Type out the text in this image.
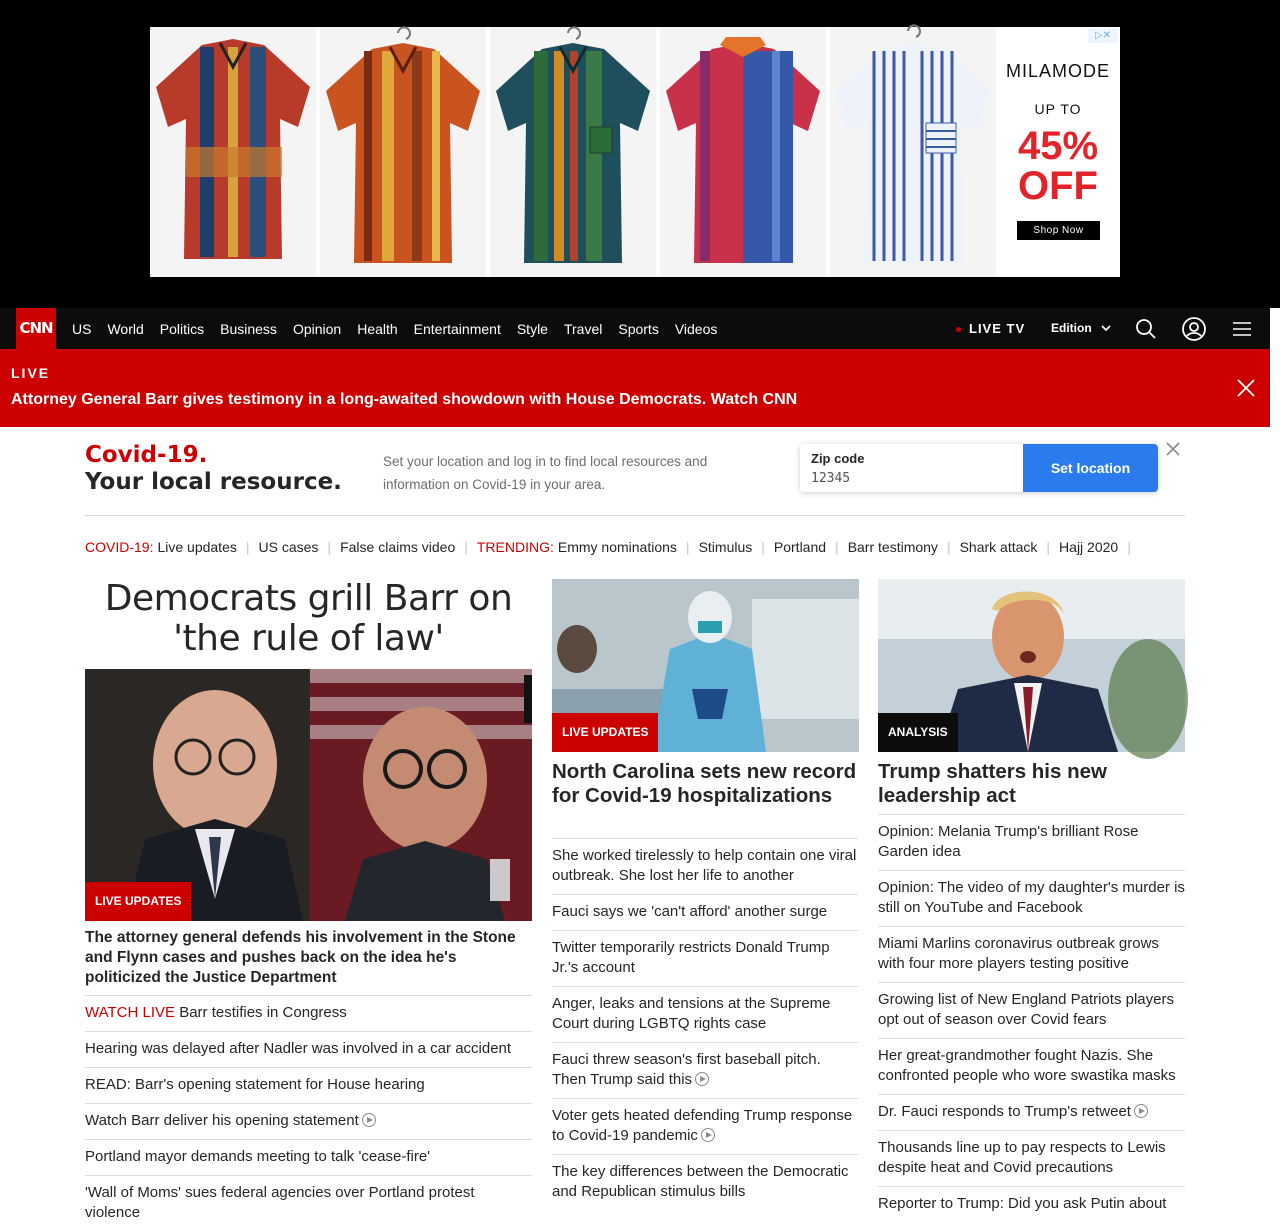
▷✕
MILAMODE
UP TO
45%
OFF
Shop Now
CNN	US	World	Politics	Business	Opinion	Health	Entertainment	Style	Travel	Sports	Videos	LIVE TV Edition
LIVE
Attorney General Barr gives testimony in a long-awaited showdown with House Democrats. Watch CNN
Covid-19.
Your local resource.
Set your location and log in to find local resources and information on Covid-19 in your area.
Zip code
12345
Set location
COVID-19: Live updates | US cases | False claims video | TRENDING: Emmy nominations | Stimulus | Portland | Barr testimony | Shark attack | Hajj 2020 |
Democrats grill Barr on 'the rule of law'
LIVE UPDATES
The attorney general defends his involvement in the Stone and Flynn cases and pushes back on the idea he's politicized the Justice Department
WATCH LIVE Barr testifies in Congress
Hearing was delayed after Nadler was involved in a car accident
READ: Barr's opening statement for House hearing
Watch Barr deliver his opening statement
Portland mayor demands meeting to talk 'cease-fire'
'Wall of Moms' sues federal agencies over Portland protest violence
LIVE UPDATES
North Carolina sets new record for Covid-19 hospitalizations
She worked tirelessly to help contain one viral outbreak. She lost her life to another
Fauci says we 'can't afford' another surge
Twitter temporarily restricts Donald Trump Jr.'s account
Anger, leaks and tensions at the Supreme Court during LGBTQ rights case
Fauci threw season's first baseball pitch. Then Trump said this
Voter gets heated defending Trump response to Covid-19 pandemic
The key differences between the Democratic and Republican stimulus bills
ANALYSIS
Trump shatters his new leadership act
Opinion: Melania Trump's brilliant Rose Garden idea
Opinion: The video of my daughter's murder is still on YouTube and Facebook
Miami Marlins coronavirus outbreak grows with four more players testing positive
Growing list of New England Patriots players opt out of season over Covid fears
Her great-grandmother fought Nazis. She confronted people who wore swastika masks
Dr. Fauci responds to Trump's retweet
Thousands line up to pay respects to Lewis despite heat and Covid precautions
Reporter to Trump: Did you ask Putin about
